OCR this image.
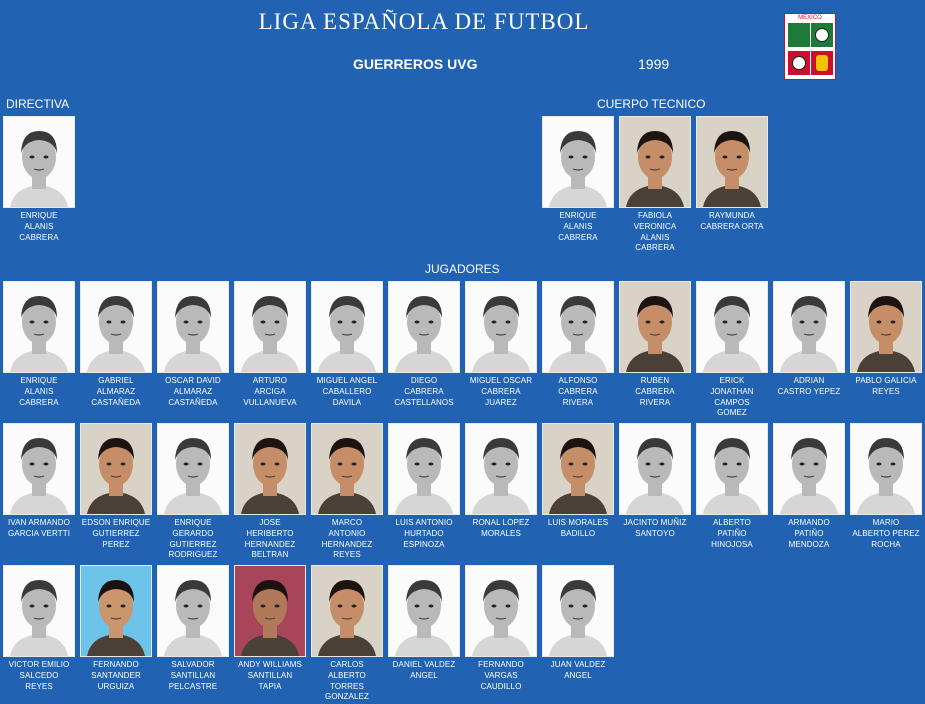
LIGA ESPAÑOLA DE FUTBOL
GUERREROS UVG	1999
MEXICO
DIRECTIVA	CUERPO TECNICO
JUGADORES
ENRIQUE
ALANIS
CABRERA
ENRIQUE
ALANIS
CABRERA
FABIOLA
VERONICA
ALANIS
CABRERA
RAYMUNDA
CABRERA ORTA
ENRIQUE
ALANIS
CABRERA
GABRIEL
ALMARAZ
CASTAÑEDA
OSCAR DAVID
ALMARAZ
CASTAÑEDA
ARTURO
ARCIGA
VULLANUEVA
MIGUEL ANGEL
CABALLERO
DAVILA
DIEGO
CABRERA
CASTELLANOS
MIGUEL OSCAR
CABRERA
JUAREZ
ALFONSO
CABRERA
RIVERA
RUBEN
CABRERA
RIVERA
ERICK
JONATHAN
CAMPOS
GOMEZ
ADRIAN
CASTRO YEPEZ
PABLO GALICIA
REYES
IVAN ARMANDO
GARCIA VERTTI
EDSON ENRIQUE
GUTIERREZ
PEREZ
ENRIQUE
GERARDO
GUTIERREZ
RODRIGUEZ
JOSE
HERIBERTO
HERNANDEZ
BELTRAN
MARCO
ANTONIO
HERNANDEZ
REYES
LUIS ANTONIO
HURTADO
ESPINOZA
RONAL LOPEZ
MORALES
LUIS MORALES
BADILLO
JACINTO MUÑIZ
SANTOYO
ALBERTO
PATIÑO
HINOJOSA
ARMANDO
PATIÑO
MENDOZA
MARIO
ALBERTO PEREZ
ROCHA
VICTOR EMILIO
SALCEDO
REYES
FERNANDO
SANTANDER
URGUIZA
SALVADOR
SANTILLAN
PELCASTRE
ANDY WILLIAMS
SANTILLAN
TAPIA
CARLOS
ALBERTO
TORRES
GONZALEZ
DANIEL VALDEZ
ANGEL
FERNANDO
VARGAS
CAUDILLO
JUAN VALDEZ
ANGEL
